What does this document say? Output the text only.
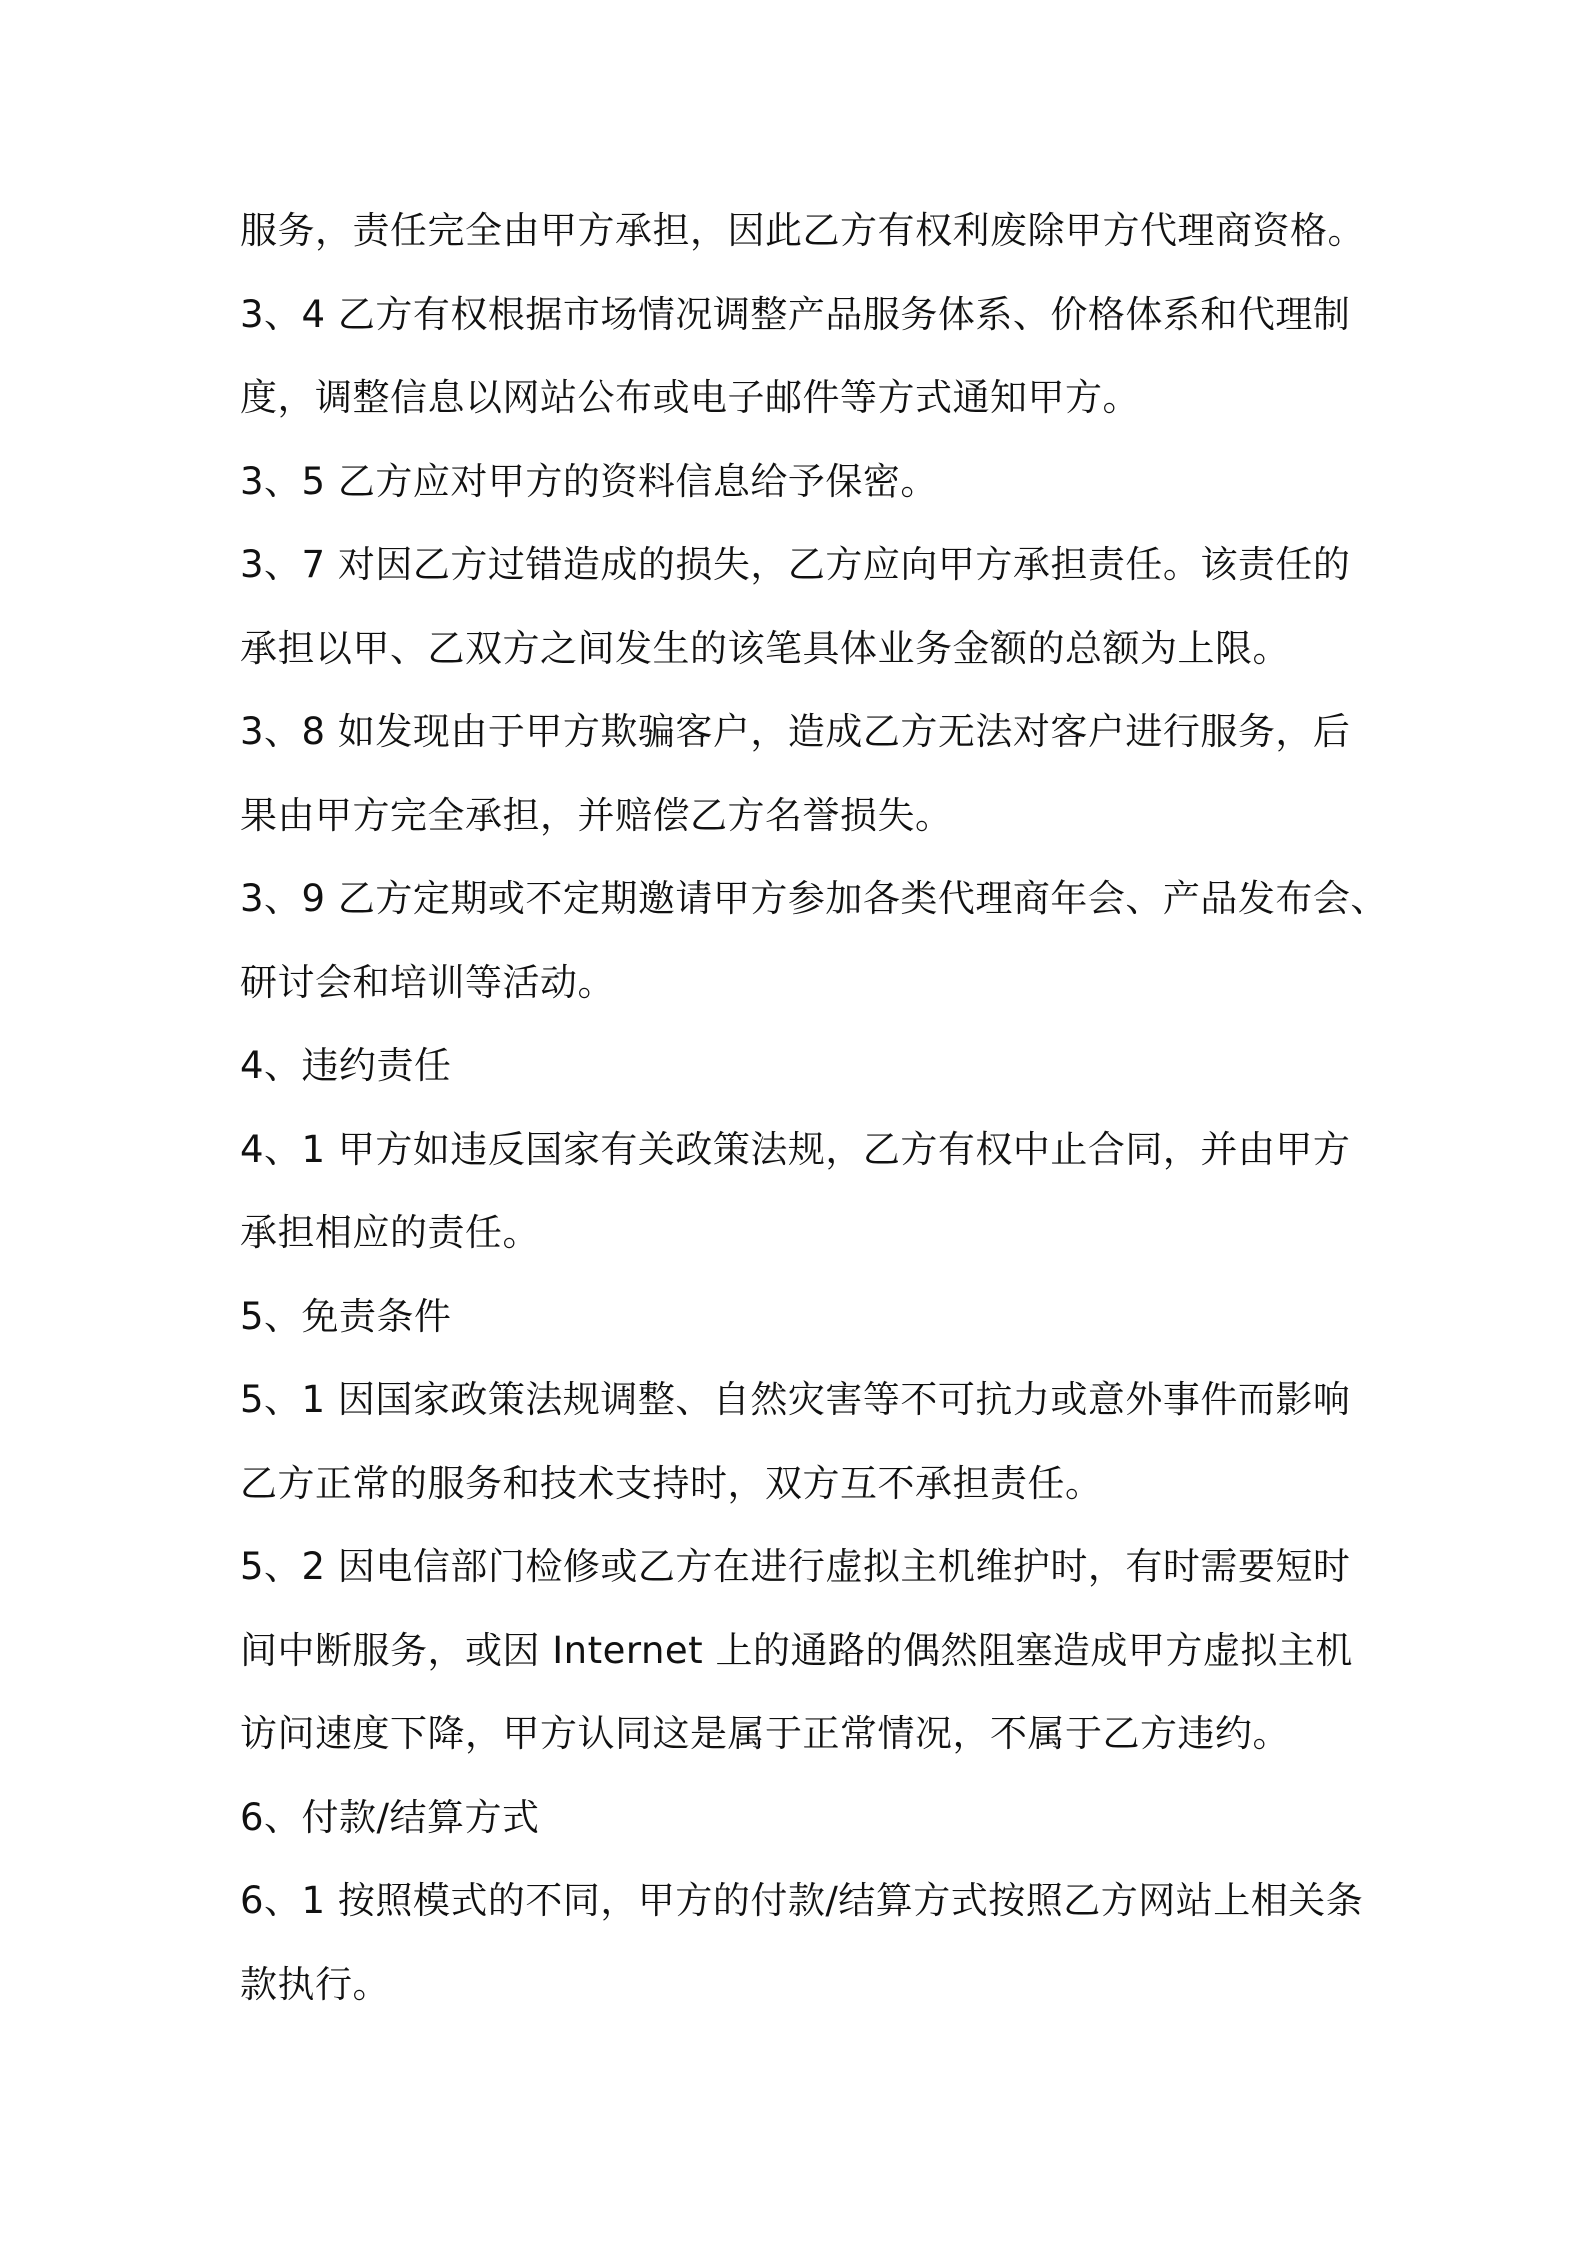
服务，责任完全由甲方承担，因此乙方有权利废除甲方代理商资格。
3、4 乙方有权根据市场情况调整产品服务体系、价格体系和代理制
度，调整信息以网站公布或电子邮件等方式通知甲方。
3、5 乙方应对甲方的资料信息给予保密。
3、7 对因乙方过错造成的损失，乙方应向甲方承担责任。该责任的
承担以甲、乙双方之间发生的该笔具体业务金额的总额为上限。
3、8 如发现由于甲方欺骗客户，造成乙方无法对客户进行服务，后
果由甲方完全承担，并赔偿乙方名誉损失。
3、9 乙方定期或不定期邀请甲方参加各类代理商年会、产品发布会、
研讨会和培训等活动。
4、违约责任
4、1 甲方如违反国家有关政策法规，乙方有权中止合同，并由甲方
承担相应的责任。
5、免责条件
5、1 因国家政策法规调整、自然灾害等不可抗力或意外事件而影响
乙方正常的服务和技术支持时，双方互不承担责任。
5、2 因电信部门检修或乙方在进行虚拟主机维护时，有时需要短时
间中断服务，或因 Internet 上的通路的偶然阻塞造成甲方虚拟主机
访问速度下降，甲方认同这是属于正常情况，不属于乙方违约。
6、付款/结算方式
6、1 按照模式的不同，甲方的付款/结算方式按照乙方网站上相关条
款执行。
